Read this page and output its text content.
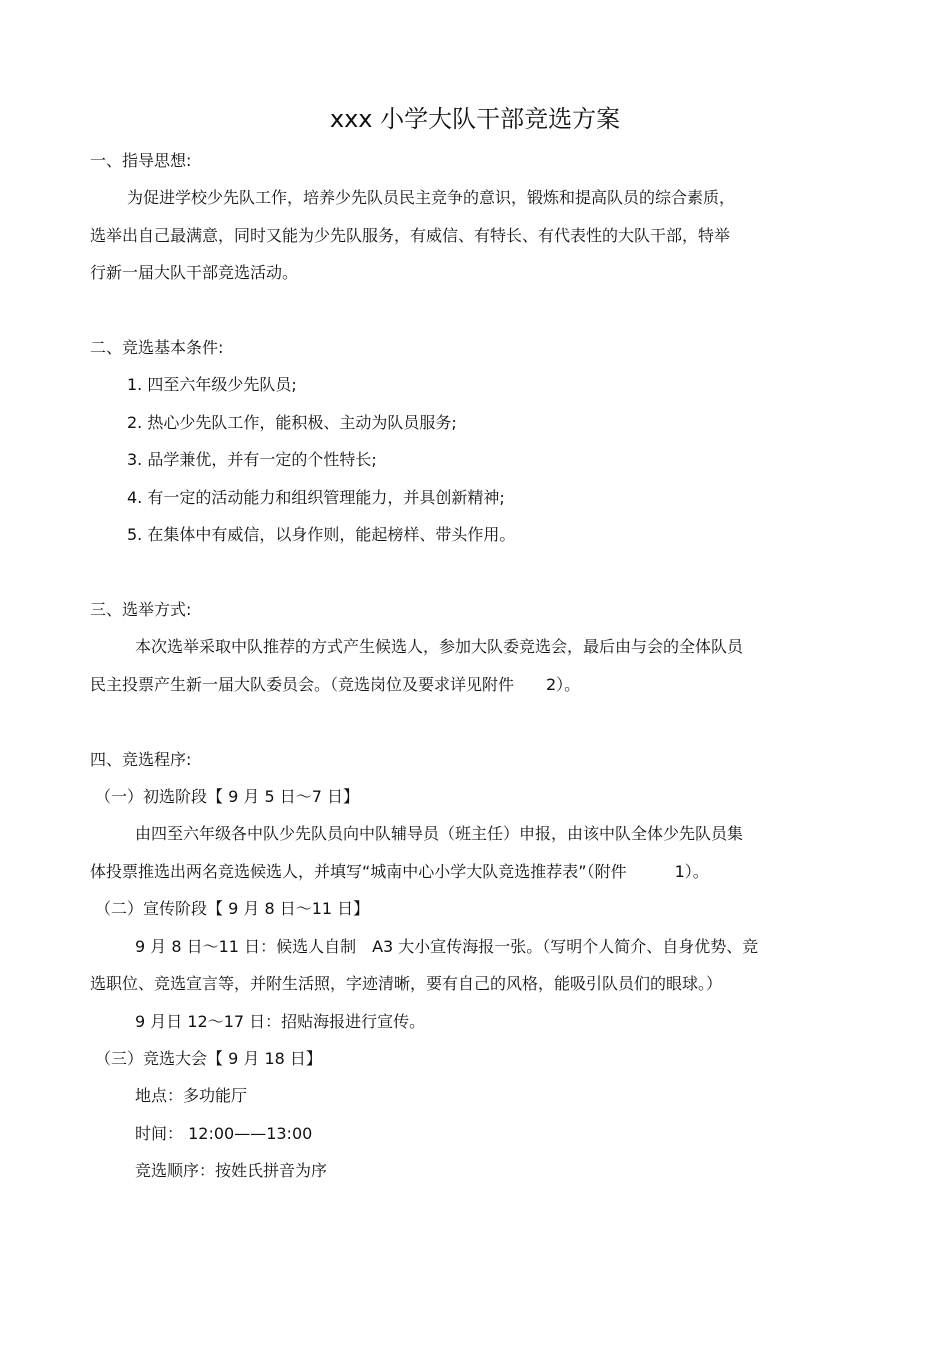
xxx 小学大队干部竞选方案
一、指导思想:
为促进学校少先队工作，培养少先队员民主竞争的意识，锻炼和提高队员的综合素质，
选举出自己最满意，同时又能为少先队服务，有威信、有特长、有代表性的大队干部，特举
行新一届大队干部竞选活动。
二、竞选基本条件:
1. 四至六年级少先队员;
2. 热心少先队工作，能积极、主动为队员服务;
3. 品学兼优，并有一定的个性特长;
4. 有一定的活动能力和组织管理能力，并具创新精神;
5. 在集体中有威信，以身作则，能起榜样、带头作用。
三、选举方式:
本次选举采取中队推荐的方式产生候选人，参加大队委竞选会，最后由与会的全体队员
民主投票产生新一届大队委员会。（竞选岗位及要求详见附件　　2）。
四、竞选程序:
（一）初选阶段【 9 月 5 日～7 日】
由四至六年级各中队少先队员向中队辅导员（班主任）申报，由该中队全体少先队员集
体投票推选出两名竞选候选人，并填写“城南中心小学大队竞选推荐表”（附件　　　1）。
（二）宣传阶段【 9 月 8 日～11 日】
9 月 8 日～11 日：候选人自制　A3 大小宣传海报一张。（写明个人简介、自身优势、竞
选职位、竞选宣言等，并附生活照，字迹清晰，要有自己的风格，能吸引队员们的眼球。）
9 月日 12～17 日：招贴海报进行宣传。
（三）竞选大会【 9 月 18 日】
地点：多功能厅
时间： 12:00——13:00
竞选顺序：按姓氏拼音为序
